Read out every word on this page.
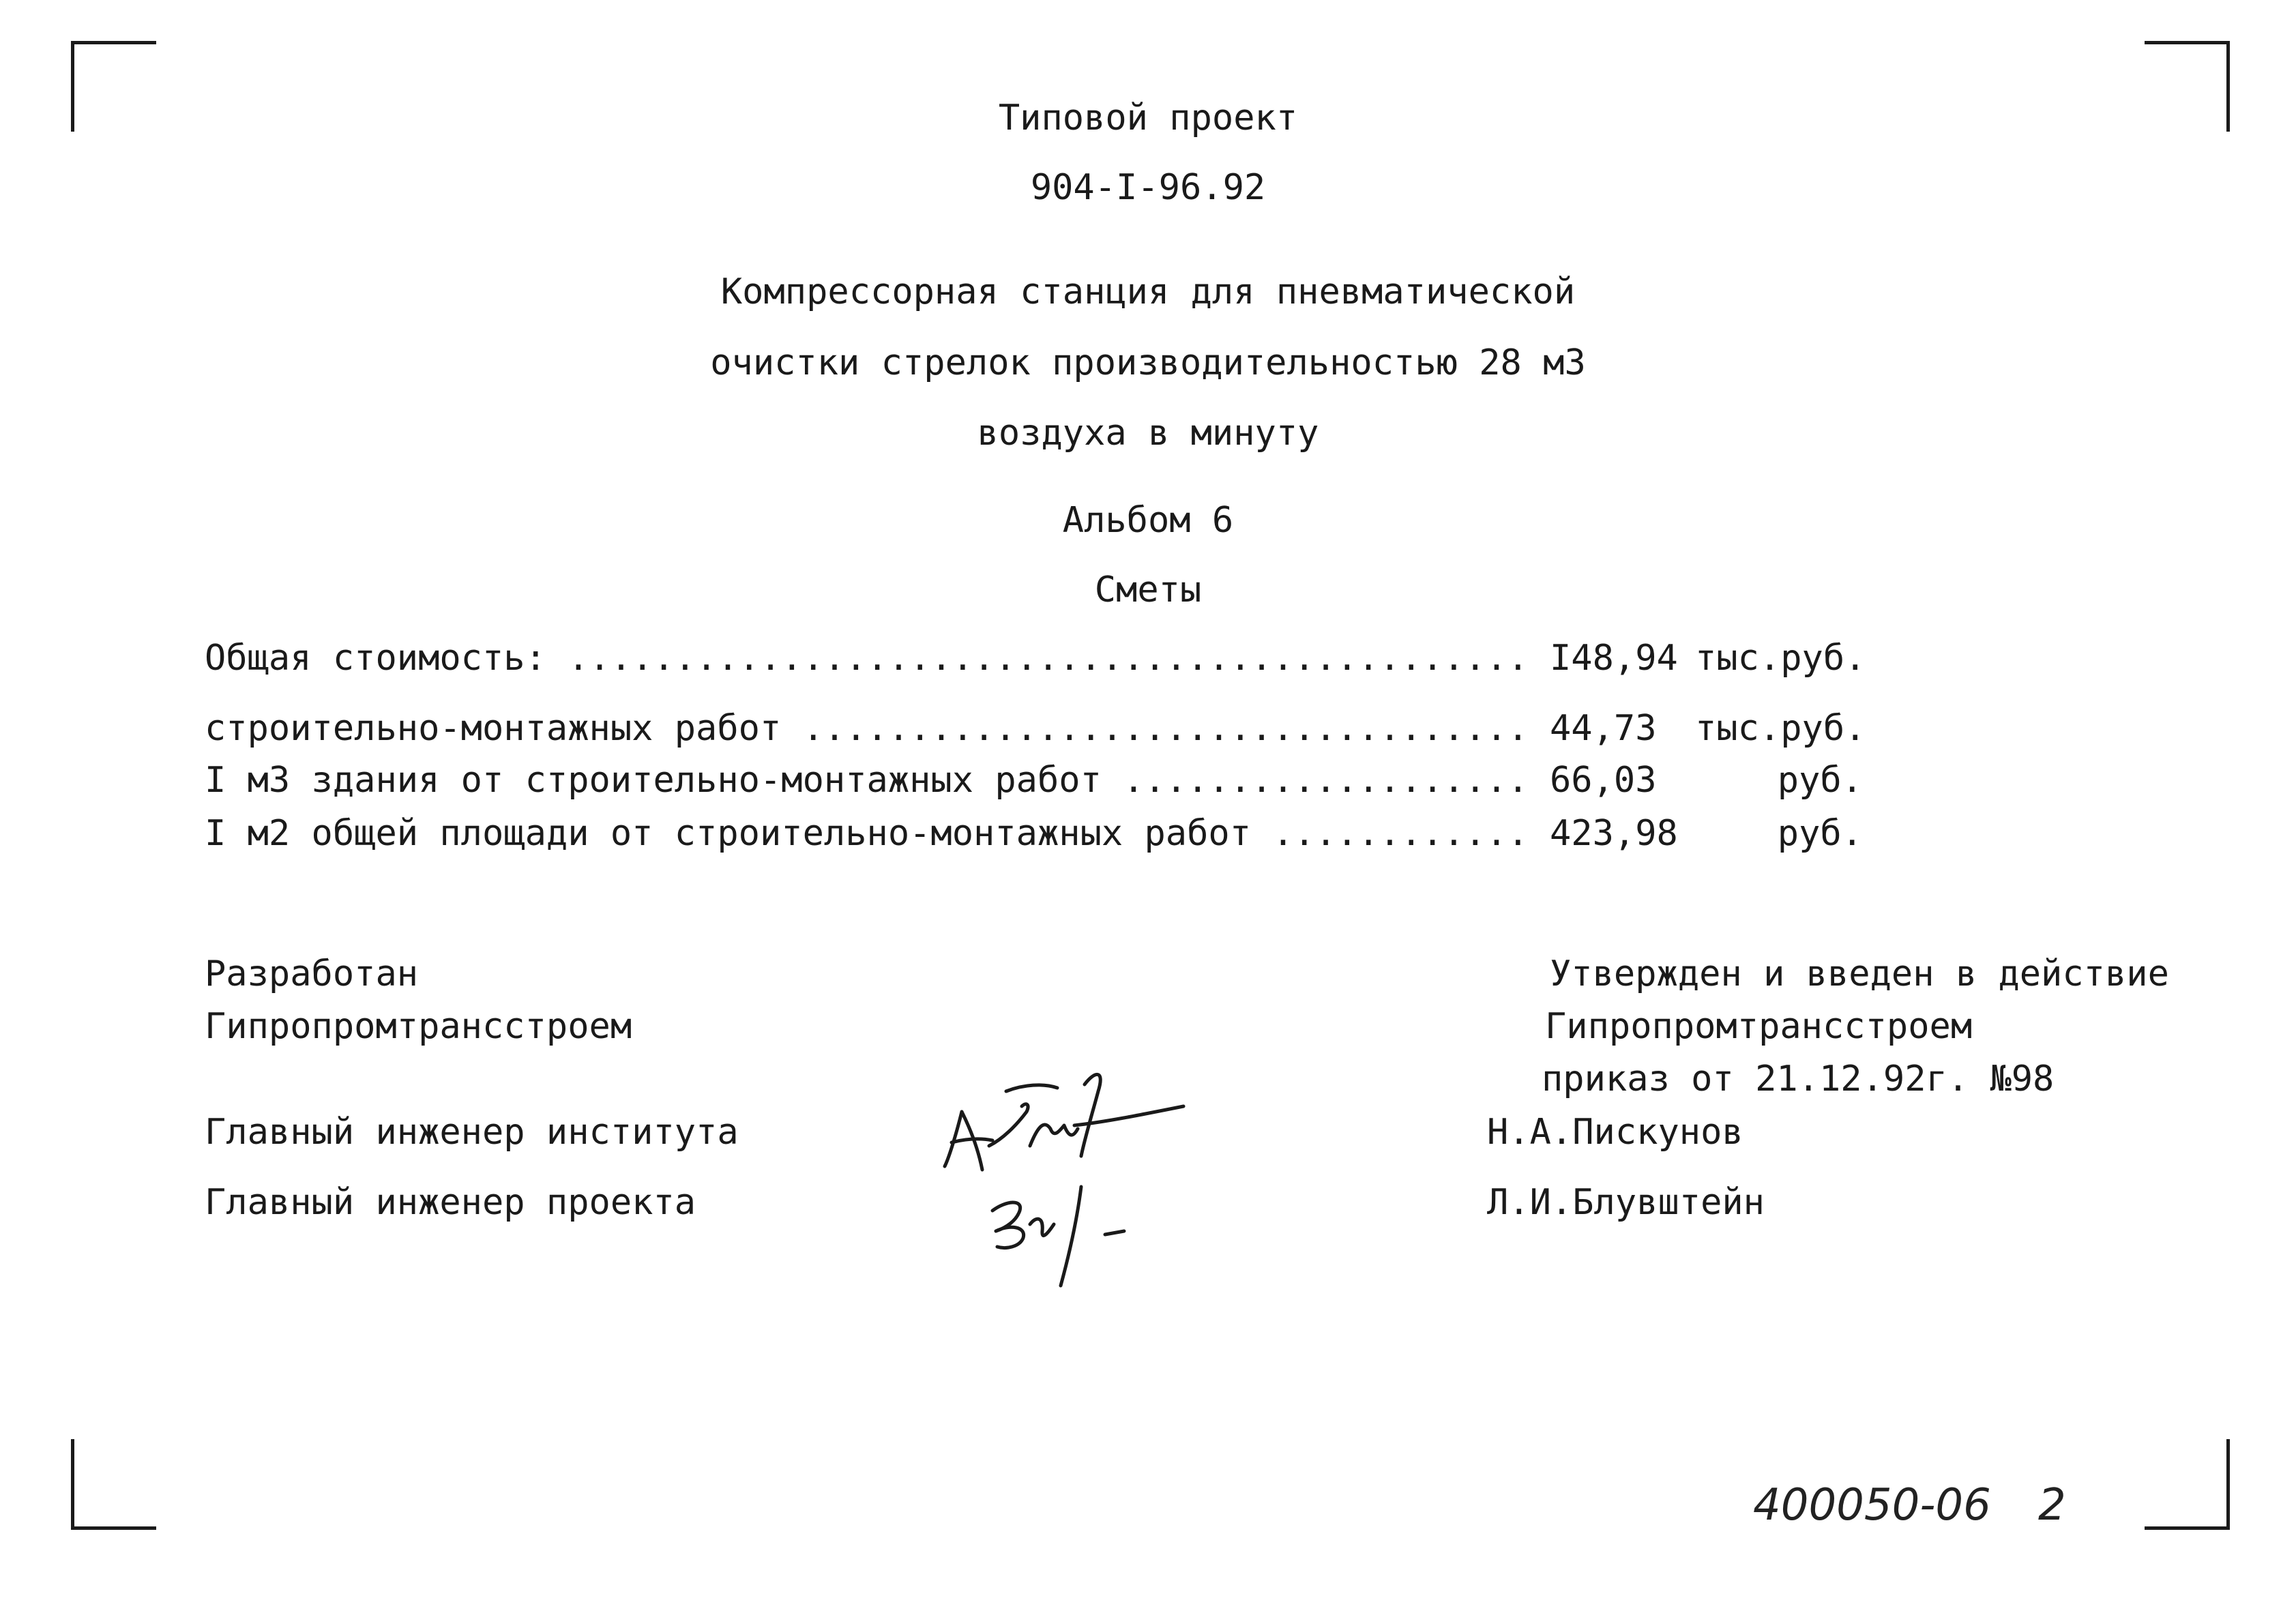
Типовой проект
904-I-96.92
Компрессорная станция для пневматической
очистки стрелок производительностью 28 м3
воздуха в минуту
Альбом 6
Сметы
Общая стоимость: .....	I48,94 тыс.руб.
строительно-монтажных работ .....	44,73 тыс.руб.
I м3 здания от строительно-монтажных работ .....	66,03	руб.
I м2 общей площади от строительно-монтажных работ .....	423,98	руб.
Разработан
Гипропромтрансстроем
Утвержден и введен в действие
Гипропромтрансстроем
приказ от 21.12.92г. №98
Главный инженер института	Н.А.Пискунов
Главный инженер проекта	Л.И.Блувштейн
400050-06 2
